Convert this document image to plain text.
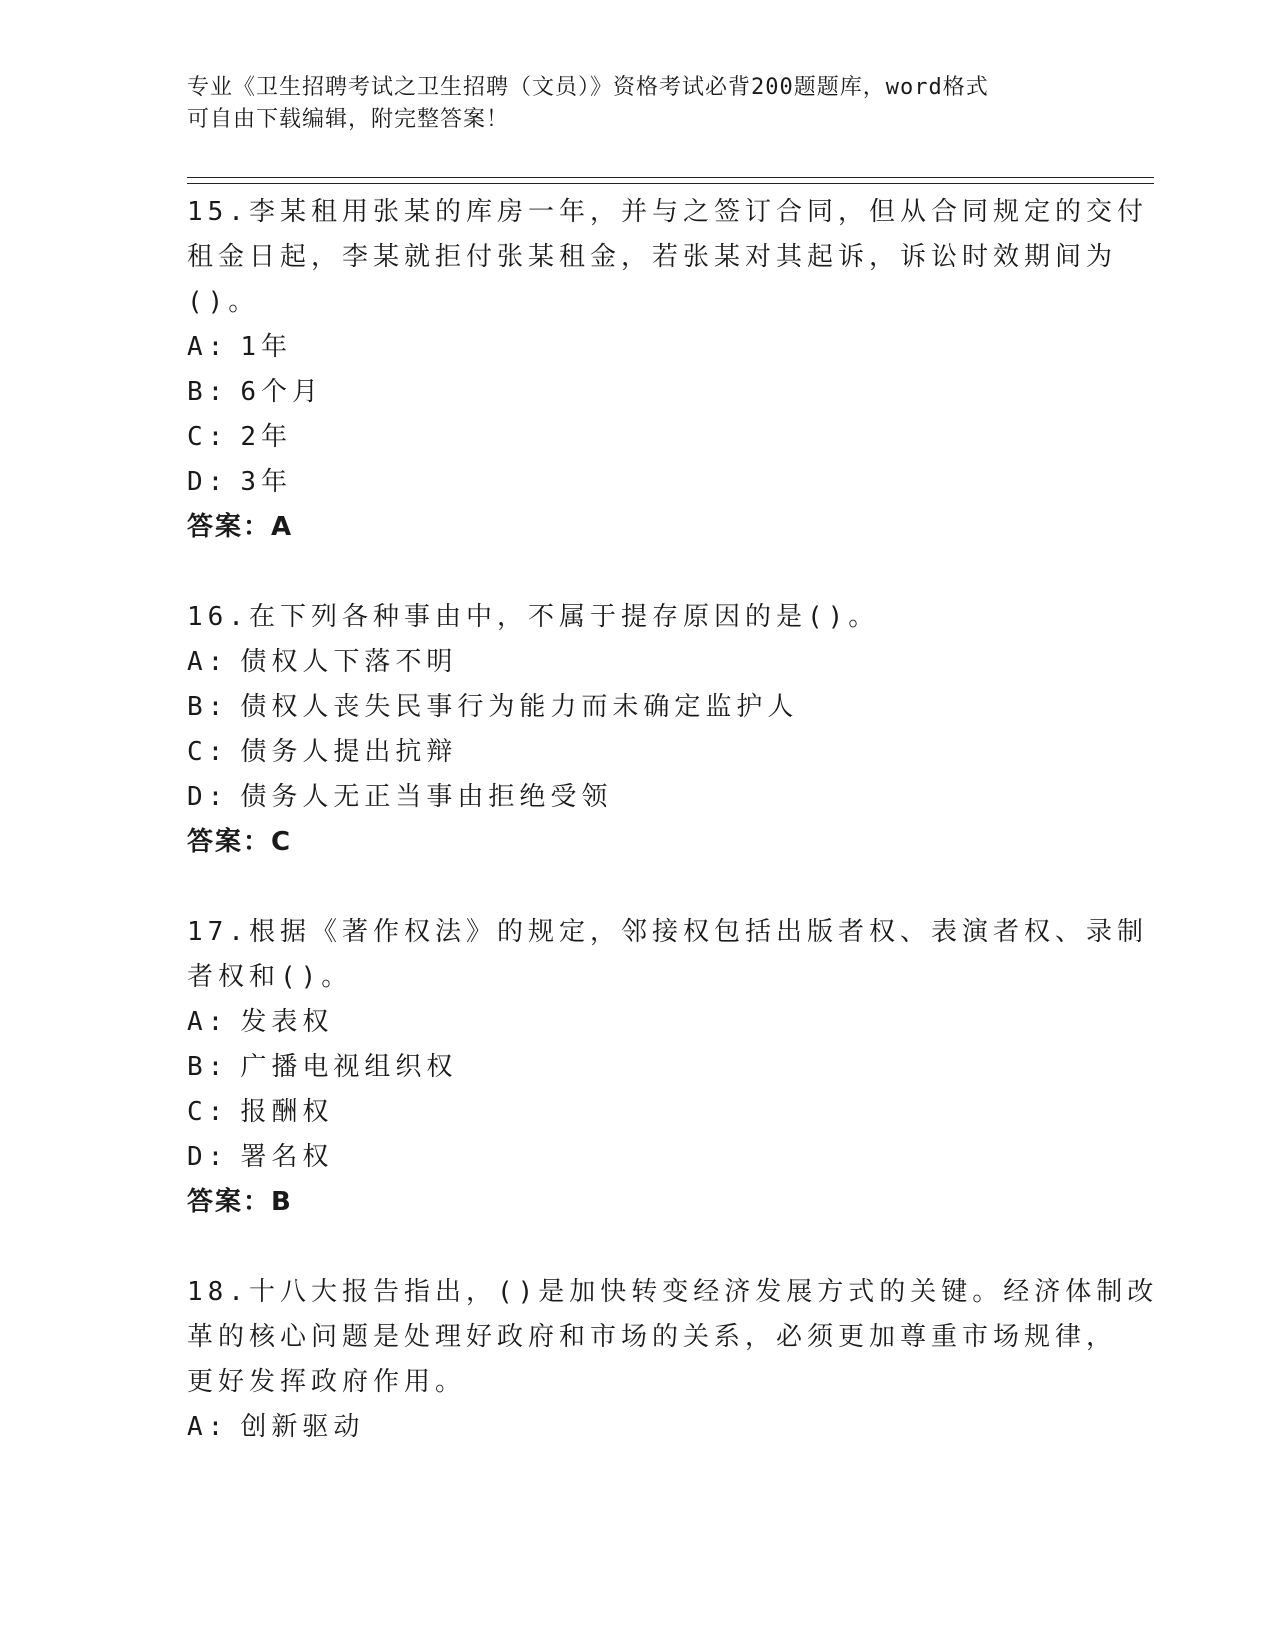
专业《卫生招聘考试之卫生招聘（文员）》资格考试必背200题题库，word格式
可自由下载编辑，附完整答案！
15.李某租用张某的库房一年，并与之签订合同，但从合同规定的交付
租金日起，李某就拒付张某租金，若张某对其起诉，诉讼时效期间为
()。
A: 1年
B: 6个月
C: 2年
D: 3年
答案：A
16.在下列各种事由中，不属于提存原因的是()。
A: 债权人下落不明
B: 债权人丧失民事行为能力而未确定监护人
C: 债务人提出抗辩
D: 债务人无正当事由拒绝受领
答案：C
17.根据《著作权法》的规定，邻接权包括出版者权、表演者权、录制
者权和()。
A: 发表权
B: 广播电视组织权
C: 报酬权
D: 署名权
答案：B
18.十八大报告指出，()是加快转变经济发展方式的关键。经济体制改
革的核心问题是处理好政府和市场的关系，必须更加尊重市场规律，
更好发挥政府作用。
A: 创新驱动
